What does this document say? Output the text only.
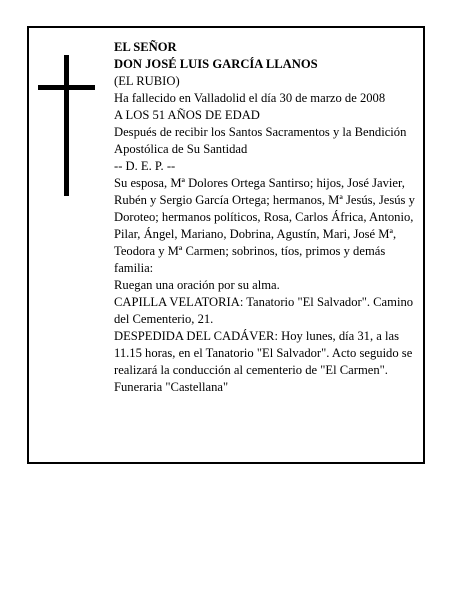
EL SEÑOR

DON JOSÉ LUIS GARCÍA LLANOS

(EL RUBIO)

Ha fallecido en Valladolid el día 30 de marzo de 2008

A LOS 51 AÑOS DE EDAD

Después de recibir los Santos Sacramentos y la Bendición Apostólica de Su Santidad

-- D. E. P. --

Su esposa, Mª Dolores Ortega Santirso; hijos, José Javier, Rubén y Sergio García Ortega; hermanos, Mª Jesús, Jesús y Doroteo; hermanos políticos, Rosa, Carlos África, Antonio, Pilar, Ángel, Mariano, Dobrina, Agustín, Mari, José Mª, Teodora y Mª Carmen; sobrinos, tíos, primos y demás familia:

Ruegan una oración por su alma.

CAPILLA VELATORIA: Tanatorio "El Salvador". Camino del Cementerio, 21.

DESPEDIDA DEL CADÁVER: Hoy lunes, día 31, a las 11.15 horas, en el Tanatorio "El Salvador". Acto seguido se realizará la conducción al cementerio de "El Carmen".

Funeraria "Castellana"
